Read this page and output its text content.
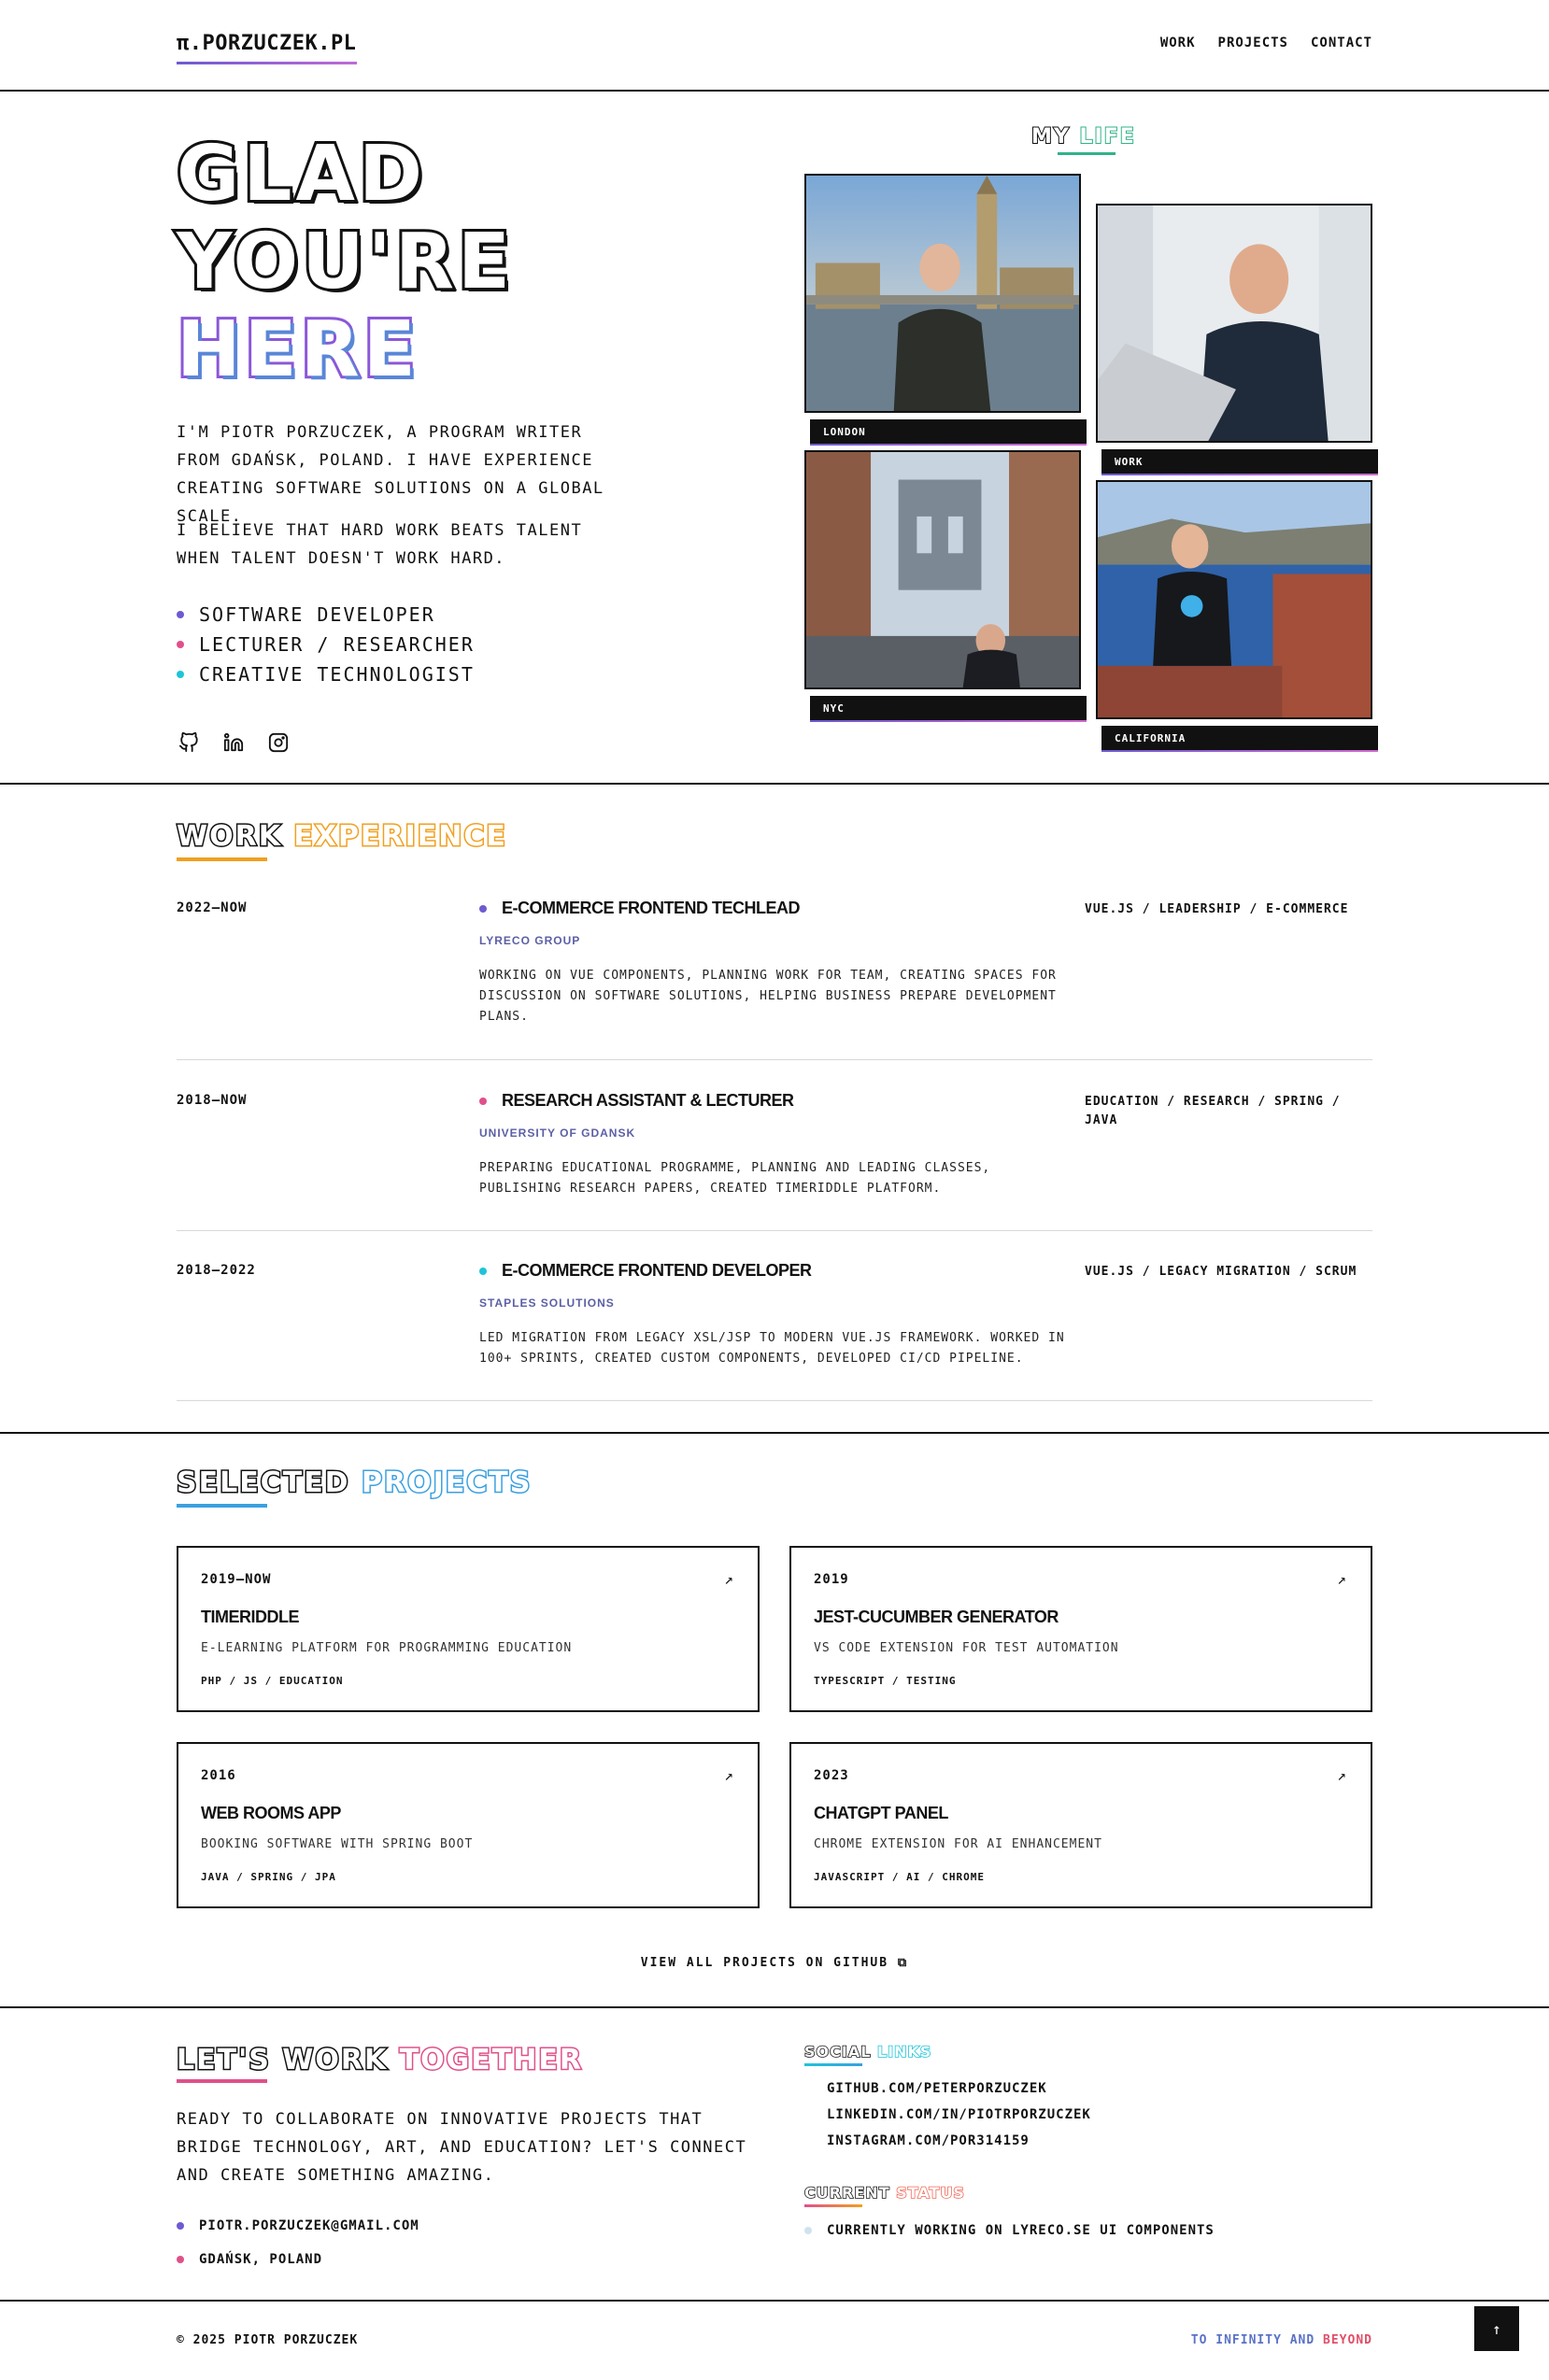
π.PORZUCZEK.PL	WORK PROJECTS CONTACT
GLAD
YOU'RE
HERE

I'M PIOTR PORZUCZEK, A PROGRAM WRITER FROM GDAŃSK, POLAND. I HAVE EXPERIENCE CREATING SOFTWARE SOLUTIONS ON A GLOBAL SCALE.

I BELIEVE THAT HARD WORK BEATS TALENT WHEN TALENT DOESN'T WORK HARD.

SOFTWARE DEVELOPER
LECTURER / RESEARCHER
CREATIVE TECHNOLOGIST
MY LIFE
LONDON
WORK
NYC
CALIFORNIA
WORK EXPERIENCE
2022—NOW	E-COMMERCE FRONTEND TECHLEAD
LYRECO GROUP
WORKING ON VUE COMPONENTS, PLANNING WORK FOR TEAM, CREATING SPACES FOR DISCUSSION ON SOFTWARE SOLUTIONS, HELPING BUSINESS PREPARE DEVELOPMENT PLANS.
VUE.JS / LEADERSHIP / E-COMMERCE
2018—NOW	RESEARCH ASSISTANT & LECTURER
UNIVERSITY OF GDANSK
PREPARING EDUCATIONAL PROGRAMME, PLANNING AND LEADING CLASSES, PUBLISHING RESEARCH PAPERS, CREATED TIMERIDDLE PLATFORM.
EDUCATION / RESEARCH / SPRING / JAVA
2018—2022	E-COMMERCE FRONTEND DEVELOPER
STAPLES SOLUTIONS
LED MIGRATION FROM LEGACY XSL/JSP TO MODERN VUE.JS FRAMEWORK. WORKED IN 100+ SPRINTS, CREATED CUSTOM COMPONENTS, DEVELOPED CI/CD PIPELINE.
VUE.JS / LEGACY MIGRATION / SCRUM
SELECTED PROJECTS
2019—NOW	↗
TIMERIDDLE
E-LEARNING PLATFORM FOR PROGRAMMING EDUCATION
PHP / JS / EDUCATION
2019	↗
JEST-CUCUMBER GENERATOR
VS CODE EXTENSION FOR TEST AUTOMATION
TYPESCRIPT / TESTING
2016	↗
WEB ROOMS APP
BOOKING SOFTWARE WITH SPRING BOOT
JAVA / SPRING / JPA
2023	↗
CHATGPT PANEL
CHROME EXTENSION FOR AI ENHANCEMENT
JAVASCRIPT / AI / CHROME
VIEW ALL PROJECTS ON GITHUB ⧉
LET'S WORK TOGETHER

READY TO COLLABORATE ON INNOVATIVE PROJECTS THAT BRIDGE TECHNOLOGY, ART, AND EDUCATION? LET'S CONNECT AND CREATE SOMETHING AMAZING.

PIOTR.PORZUCZEK@GMAIL.COM
GDAŃSK, POLAND
SOCIAL LINKS
GITHUB.COM/PETERPORZUCZEK
LINKEDIN.COM/IN/PIOTRPORZUCZEK
INSTAGRAM.COM/POR314159
CURRENT STATUS
CURRENTLY WORKING ON LYRECO.SE UI COMPONENTS
© 2025 PIOTR PORZUCZEK	TO INFINITY AND BEYOND
↑
